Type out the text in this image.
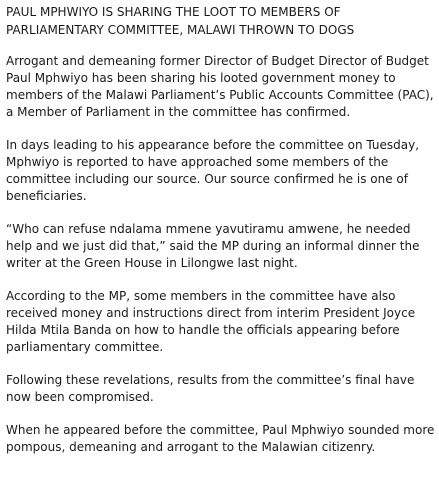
PAUL MPHWIYO IS SHARING THE LOOT TO MEMBERS OF PARLIAMENTARY COMMITTEE, MALAWI THROWN TO DOGS

Arrogant and demeaning former Director of Budget Director of Budget Paul Mphwiyo has been sharing his looted government money to members of the Malawi Parliament’s Public Accounts Committee (PAC), a Member of Parliament in the committee has confirmed.

In days leading to his appearance before the committee on Tuesday, Mphwiyo is reported to have approached some members of the committee including our source. Our source confirmed he is one of beneficiaries.

“Who can refuse ndalama mmene yavutiramu amwene, he needed help and we just did that,” said the MP during an informal dinner the writer at the Green House in Lilongwe last night.

According to the MP, some members in the committee have also received money and instructions direct from interim President Joyce Hilda Mtila Banda on how to handle the officials appearing before parliamentary committee.

Following these revelations, results from the committee’s final have now been compromised.

When he appeared before the committee, Paul Mphwiyo sounded more pompous, demeaning and arrogant to the Malawian citizenry.
